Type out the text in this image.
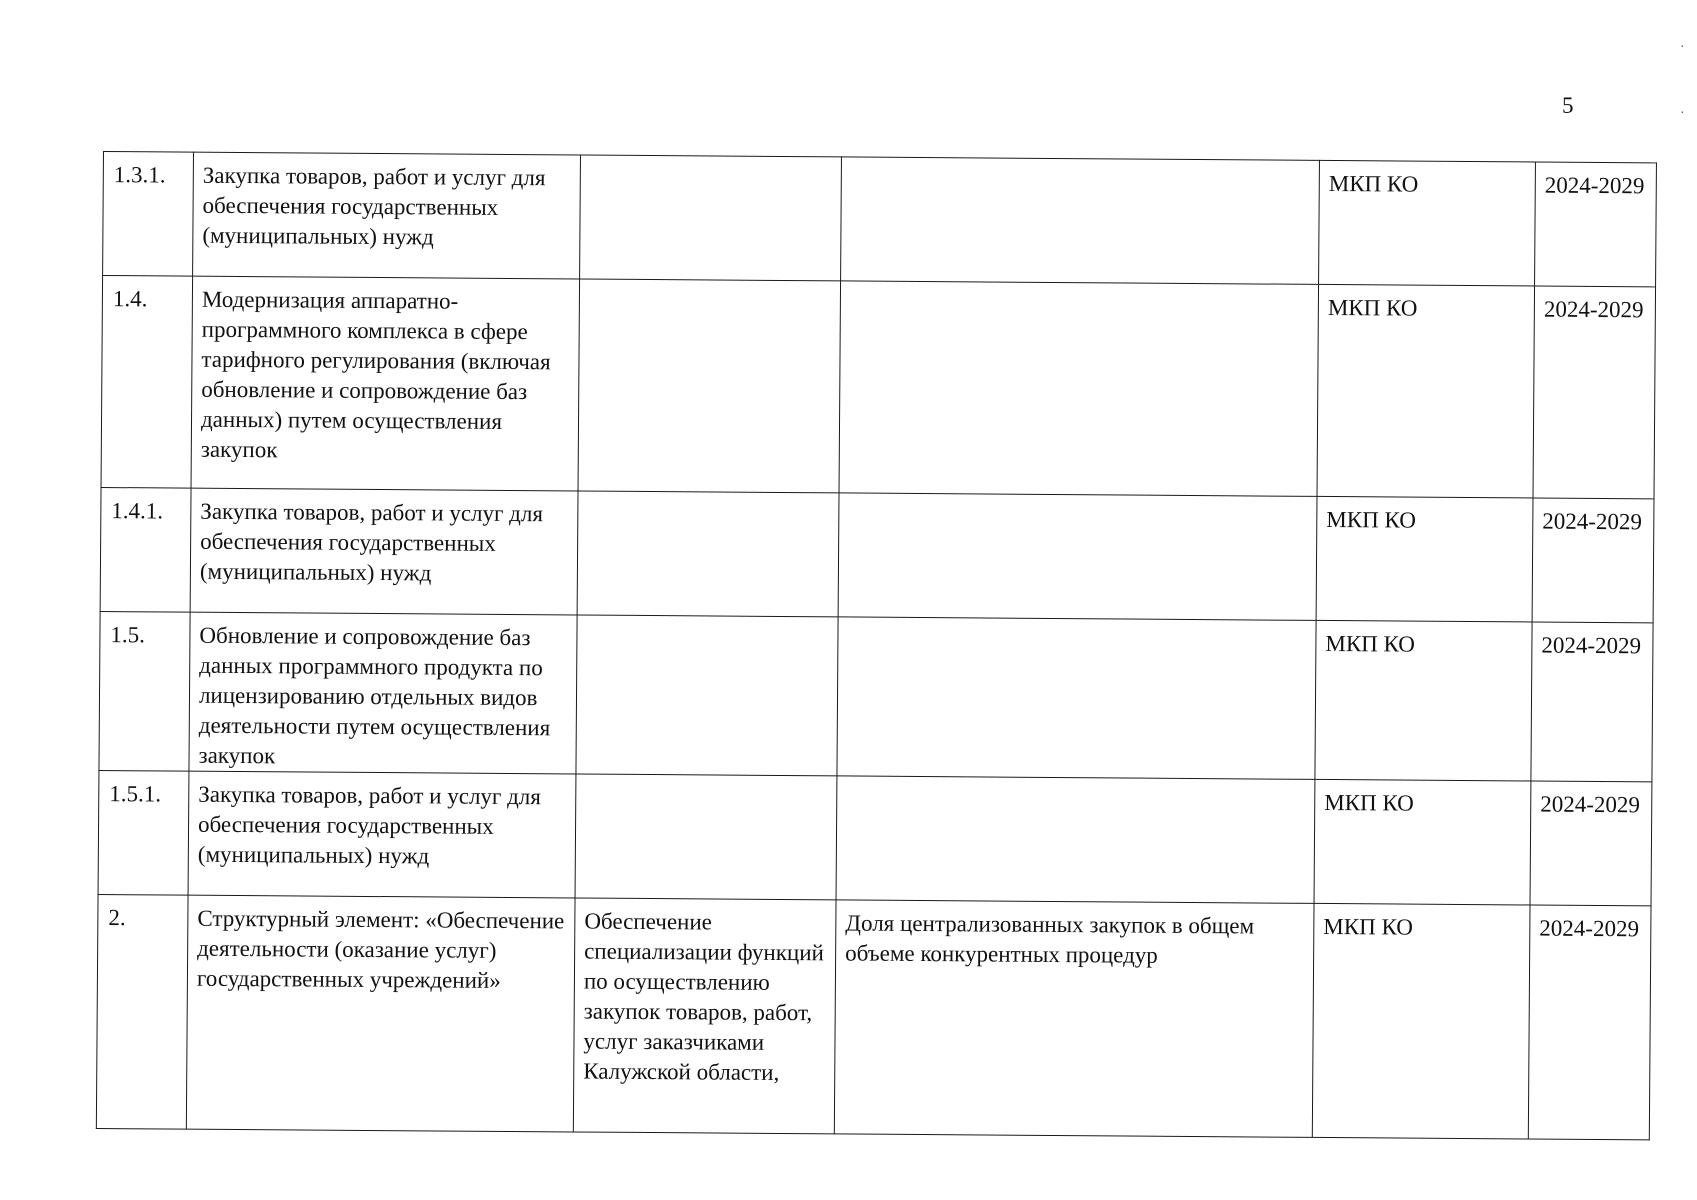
5
·
·
1.3.1.	Закупка товаров, работ и услуг для обеспечения государственных (муниципальных) нужд			МКП КО	2024-2029
1.4.	Модернизация аппаратно-программного комплекса в сфере тарифного регулирования (включая обновление и сопровождение баз данных) путем осуществления закупок			МКП КО	2024-2029
1.4.1.	Закупка товаров, работ и услуг для обеспечения государственных (муниципальных) нужд			МКП КО	2024-2029
1.5.	Обновление и сопровождение баз данных программного продукта по лицензированию отдельных видов деятельности путем осуществления закупок			МКП КО	2024-2029
1.5.1.	Закупка товаров, работ и услуг для обеспечения государственных (муниципальных) нужд			МКП КО	2024-2029
2.	Структурный элемент: «Обеспечение деятельности (оказание услуг) государственных учреждений»	Обеспечение специализации функций по осуществлению закупок товаров, работ, услуг заказчиками Калужской области,	Доля централизованных закупок в общем объеме конкурентных процедур	МКП КО	2024-2029
